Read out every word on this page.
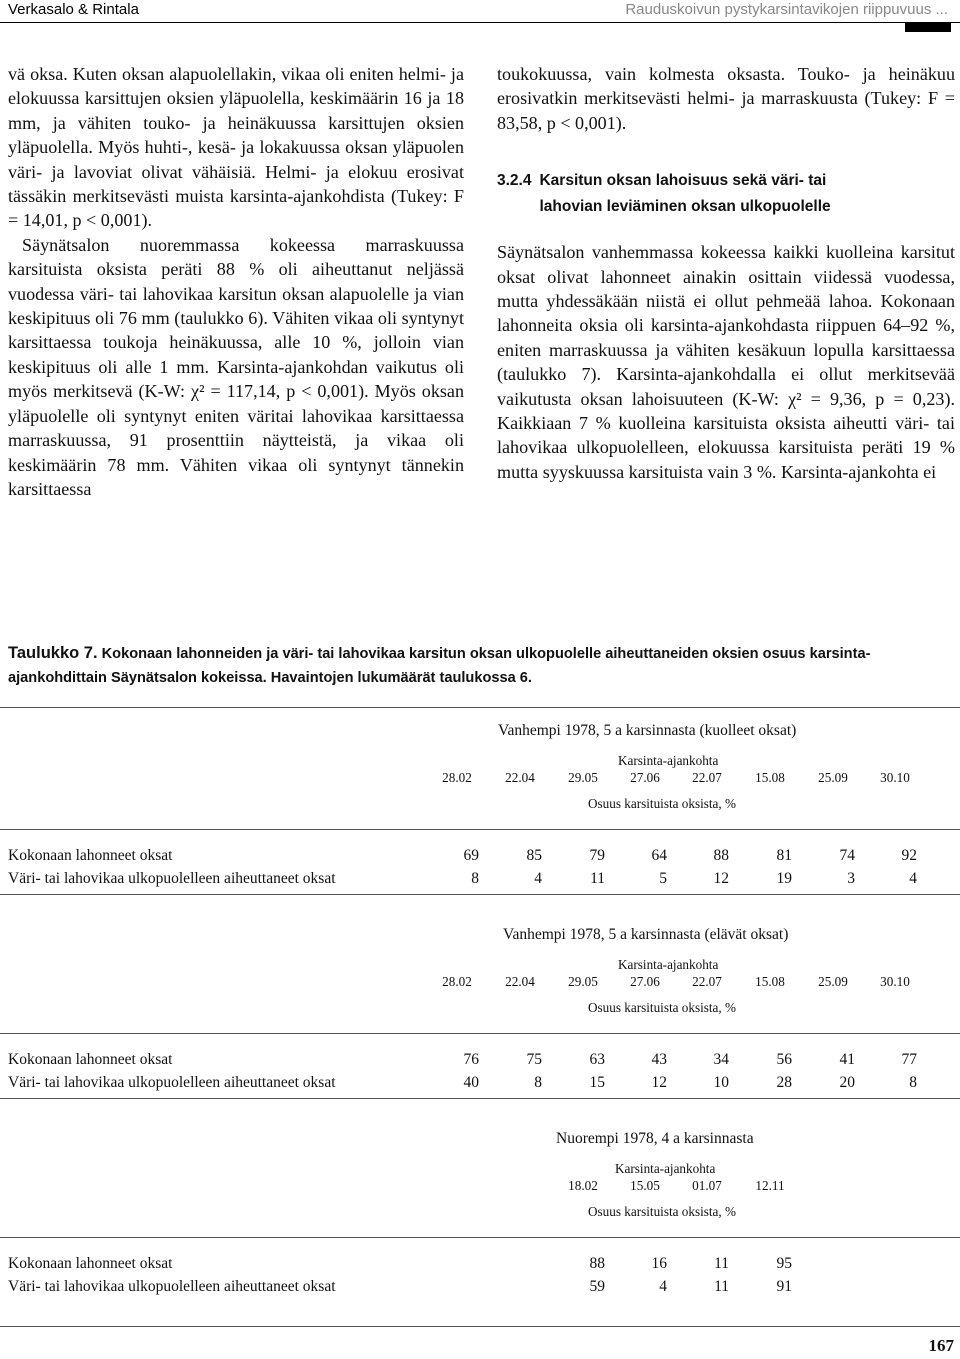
Verkasalo & Rintala	Rauduskoivun pystykarsintavikojen riippuvuus ...

vä oksa. Kuten oksan alapuolellakin, vikaa oli eniten helmi- ja elokuussa karsittujen oksien yläpuolella, keskimäärin 16 ja 18 mm, ja vähiten touko- ja heinäkuussa karsittujen oksien yläpuolella. Myös huhti-, kesä- ja lokakuussa oksan yläpuolen väri- ja lavoviat olivat vähäisiä. Helmi- ja elokuu erosivat tässäkin merkitsevästi muista karsinta-ajankohdista (Tukey: F = 14,01, p < 0,001).

Säynätsalon nuoremmassa kokeessa marraskuussa karsituista oksista peräti 88 % oli aiheuttanut neljässä vuodessa väri- tai lahovikaa karsitun oksan alapuolelle ja vian keskipituus oli 76 mm (taulukko 6). Vähiten vikaa oli syntynyt karsittaessa toukoja heinäkuussa, alle 10 %, jolloin vian keskipituus oli alle 1 mm. Karsinta-ajankohdan vaikutus oli myös merkitsevä (K-W: χ² = 117,14, p < 0,001). Myös oksan yläpuolelle oli syntynyt eniten väritai lahovikaa karsittaessa marraskuussa, 91 prosenttiin näytteistä, ja vikaa oli keskimäärin 78 mm. Vähiten vikaa oli syntynyt tännekin karsittaessa

toukokuussa, vain kolmesta oksasta. Touko- ja heinäkuu erosivatkin merkitsevästi helmi- ja marraskuusta (Tukey: F = 83,58, p < 0,001).

3.2.4 Karsitun oksan lahoisuus sekä väri- tai
lahovian leviäminen oksan ulkopuolelle

Säynätsalon vanhemmassa kokeessa kaikki kuolleina karsitut oksat olivat lahonneet ainakin osittain viidessä vuodessa, mutta yhdessäkään niistä ei ollut pehmeää lahoa. Kokonaan lahonneita oksia oli karsinta-ajankohdasta riippuen 64–92 %, eniten marraskuussa ja vähiten kesäkuun lopulla karsittaessa (taulukko 7). Karsinta-ajankohdalla ei ollut merkitsevää vaikutusta oksan lahoisuuteen (K-W: χ² = 9,36, p = 0,23). Kaikkiaan 7 % kuolleina karsituista oksista aiheutti väri- tai lahovikaa ulkopuolelleen, elokuussa karsituista peräti 19 % mutta syyskuussa karsituista vain 3 %. Karsinta-ajankohta ei

Taulukko 7. Kokonaan lahonneiden ja väri- tai lahovikaa karsitun oksan ulkopuolelle aiheuttaneiden oksien osuus karsinta-ajankohdittain Säynätsalon kokeissa. Havaintojen lukumäärät taulukossa 6.
Vanhempi 1978, 5 a karsinnasta (kuolleet oksat)
Karsinta-ajankohta
28.02	22.04	29.05	27.06	22.07	15.08	25.09	30.10
Osuus karsituista oksista, %
Kokonaan lahonneet oksat	69	85	79	64	88	81	74	92
Väri- tai lahovikaa ulkopuolelleen aiheuttaneet oksat	8	4	11	5	12	19	3	4
Vanhempi 1978, 5 a karsinnasta (elävät oksat)
Karsinta-ajankohta
28.02	22.04	29.05	27.06	22.07	15.08	25.09	30.10
Osuus karsituista oksista, %
Kokonaan lahonneet oksat	76	75	63	43	34	56	41	77
Väri- tai lahovikaa ulkopuolelleen aiheuttaneet oksat	40	8	15	12	10	28	20	8
Nuorempi 1978, 4 a karsinnasta
Karsinta-ajankohta
18.02	15.05	01.07	12.11
Osuus karsituista oksista, %
Kokonaan lahonneet oksat	88	16	11	95
Väri- tai lahovikaa ulkopuolelleen aiheuttaneet oksat	59	4	11	91
167
